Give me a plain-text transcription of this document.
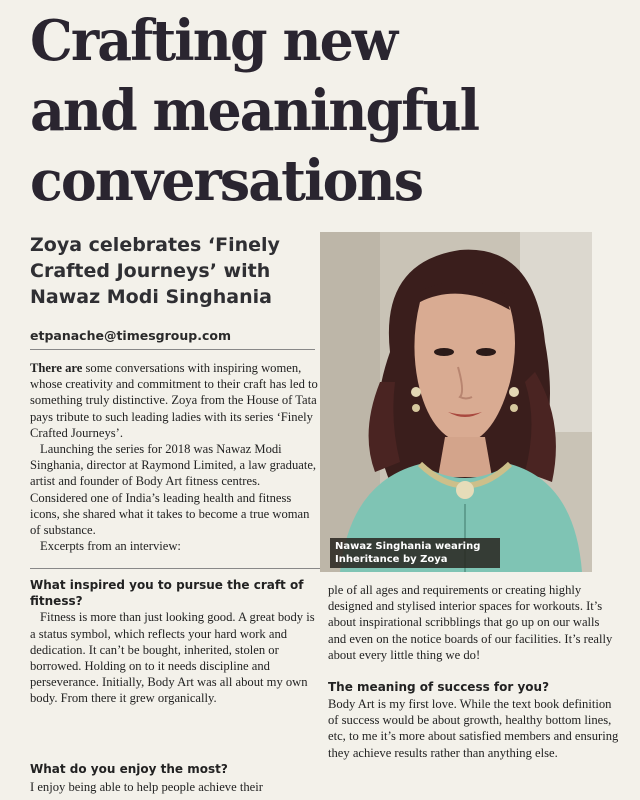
Crafting new
and meaningful
conversations
Zoya celebrates ‘Finely
Crafted Journeys’ with
Nawaz Modi Singhania
etpanache@timesgroup.com

There are some conversations with inspiring women, whose creativity and commitment to their craft has led to something truly distinctive. Zoya from the House of Tata pays tribute to such leading ladies with its series ‘Finely Crafted Journeys’.

Launching the series for 2018 was Nawaz Modi Singhania, director at Raymond Limited, a law graduate, artist and founder of Body Art fitness centres. Considered one of India’s leading health and fitness icons, she shared what it takes to become a true woman of substance.

Excerpts from an interview:

What inspired you to pursue the craft of fitness?

Fitness is more than just looking good. A great body is a status symbol, which reflects your hard work and dedication. It can’t be bought, inherited, stolen or borrowed. Holding on to it needs discipline and perseverance. Initially, Body Art was all about my own body. From there it grew organically.

What do you enjoy the most?

I enjoy being able to help people achieve their

Nawaz Singhania wearing
Inheritance by Zoya

ple of all ages and requirements or creating highly designed and stylised interior spaces for workouts. It’s about inspirational scribblings that go up on our walls and even on the notice boards of our facilities. It’s really about every little thing we do!

The meaning of success for you?

Body Art is my first love. While the text book definition of success would be about growth, healthy bottom lines, etc, to me it’s more about satisfied members and ensuring they achieve results rather than anything else.
